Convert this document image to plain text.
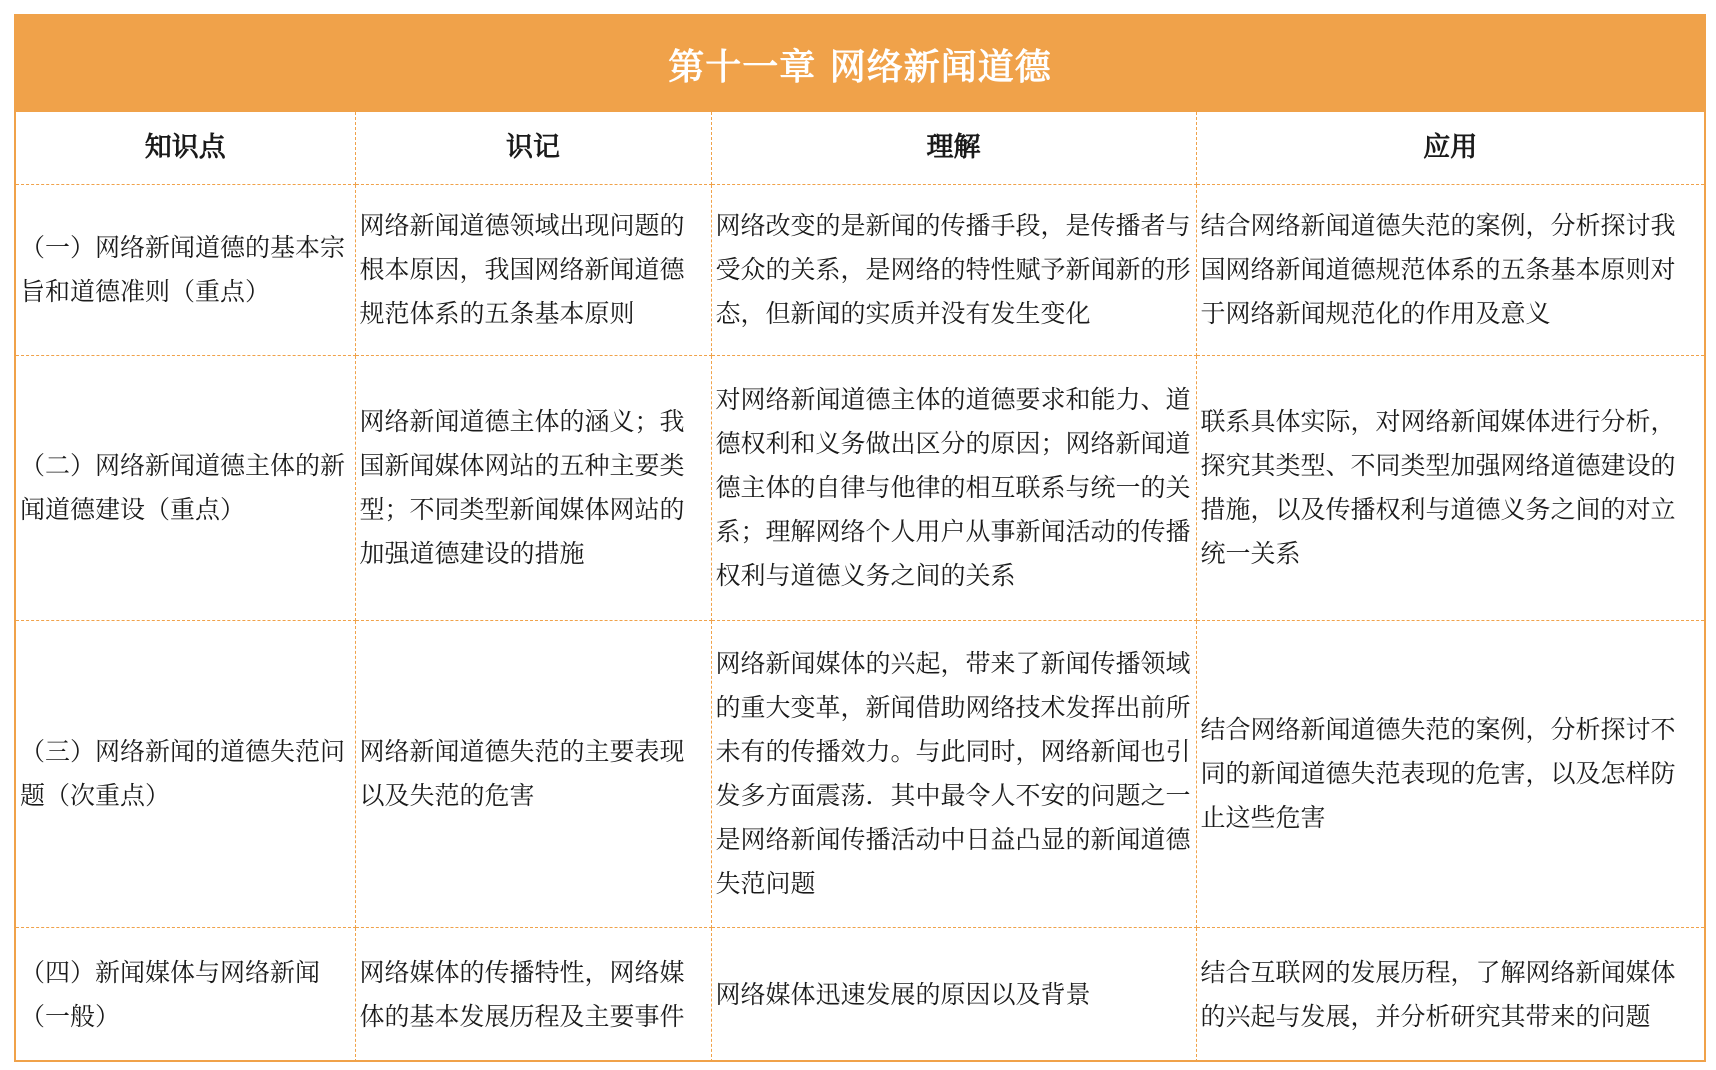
第十一章 网络新闻道德
知识点	识记	理解	应用
（一）网络新闻道德的基本宗旨和道德准则（重点）	网络新闻道德领域出现问题的根本原因，我国网络新闻道德规范体系的五条基本原则	网络改变的是新闻的传播手段，是传播者与受众的关系，是网络的特性赋予新闻新的形态，但新闻的实质并没有发生变化	结合网络新闻道德失范的案例，分析探讨我国网络新闻道德规范体系的五条基本原则对于网络新闻规范化的作用及意义
（二）网络新闻道德主体的新闻道德建设（重点）	网络新闻道德主体的涵义；我国新闻媒体网站的五种主要类型；不同类型新闻媒体网站的加强道德建设的措施	对网络新闻道德主体的道德要求和能力、道德权利和义务做出区分的原因；网络新闻道德主体的自律与他律的相互联系与统一的关系；理解网络个人用户从事新闻活动的传播权利与道德义务之间的关系	联系具体实际，对网络新闻媒体进行分析，探究其类型、不同类型加强网络道德建设的措施，以及传播权利与道德义务之间的对立统一关系
（三）网络新闻的道德失范问题（次重点）	网络新闻道德失范的主要表现以及失范的危害	网络新闻媒体的兴起，带来了新闻传播领域的重大变革，新闻借助网络技术发挥出前所未有的传播效力。与此同时，网络新闻也引发多方面震荡．其中最令人不安的问题之一是网络新闻传播活动中日益凸显的新闻道德失范问题	结合网络新闻道德失范的案例，分析探讨不同的新闻道德失范表现的危害，以及怎样防止这些危害
（四）新闻媒体与网络新闻（一般）	网络媒体的传播特性，网络媒体的基本发展历程及主要事件	网络媒体迅速发展的原因以及背景	结合互联网的发展历程，了解网络新闻媒体的兴起与发展，并分析研究其带来的问题
